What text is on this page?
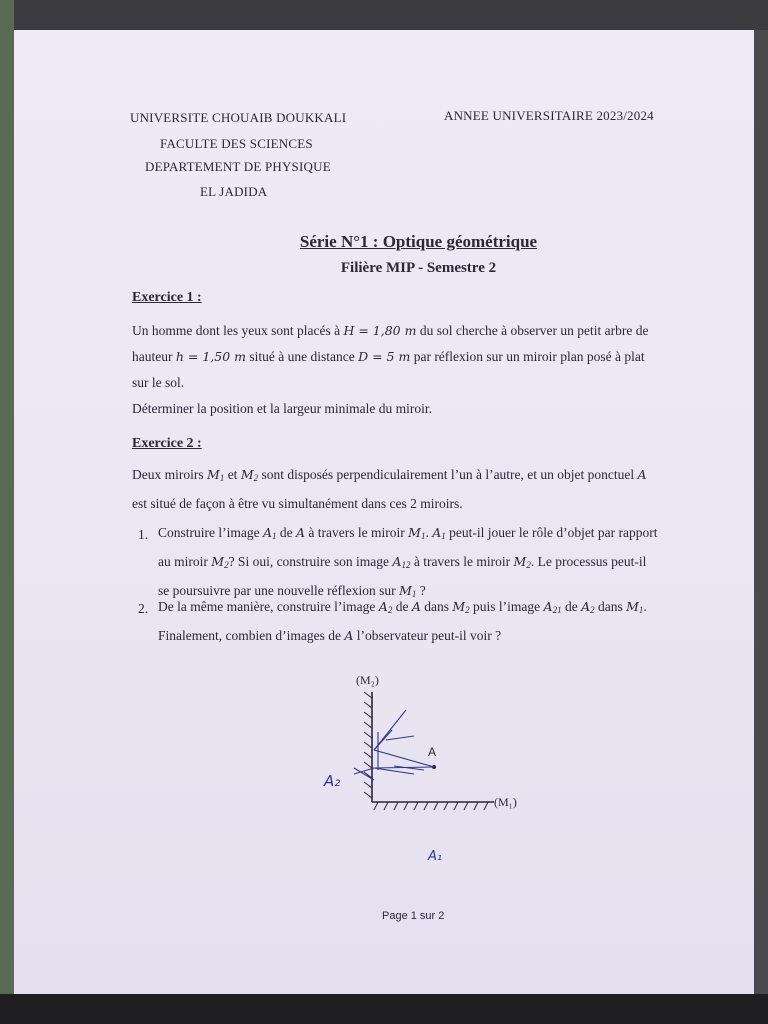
UNIVERSITE CHOUAIB DOUKKALI
FACULTE DES SCIENCES
DEPARTEMENT DE PHYSIQUE
EL JADIDA
ANNEE UNIVERSITAIRE 2023/2024
Série N°1 : Optique géométrique
Filière MIP - Semestre 2
Exercice 1 :
Un homme dont les yeux sont placés à H = 1,80 m du sol cherche à observer un petit arbre de
hauteur h = 1,50 m situé à une distance D = 5 m par réflexion sur un miroir plan posé à plat
sur le sol.
Déterminer la position et la largeur minimale du miroir.
Exercice 2 :
Deux miroirs $M_1$ et $M_2$ sont disposés perpendiculairement l’un à l’autre, et un objet ponctuel A
est situé de façon à être vu simultanément dans ces 2 miroirs.
1. Construire l’image $A_1$ de A à travers le miroir $M_1$. $A_1$ peut-il jouer le rôle d’objet par rapport
au miroir $M_2$? Si oui, construire son image $A_{12}$ à travers le miroir $M_2$. Le processus peut-il
se poursuivre par une nouvelle réflexion sur $M_1$ ?
2. De la même manière, construire l’image $A_2$ de A dans $M_2$ puis l’image $A_{21}$ de $A_2$ dans $M_1$.
Finalement, combien d’images de A l’observateur peut-il voir ?
(M₂)
(M₁)
A
A₂
A₁
Page 1 sur 2
